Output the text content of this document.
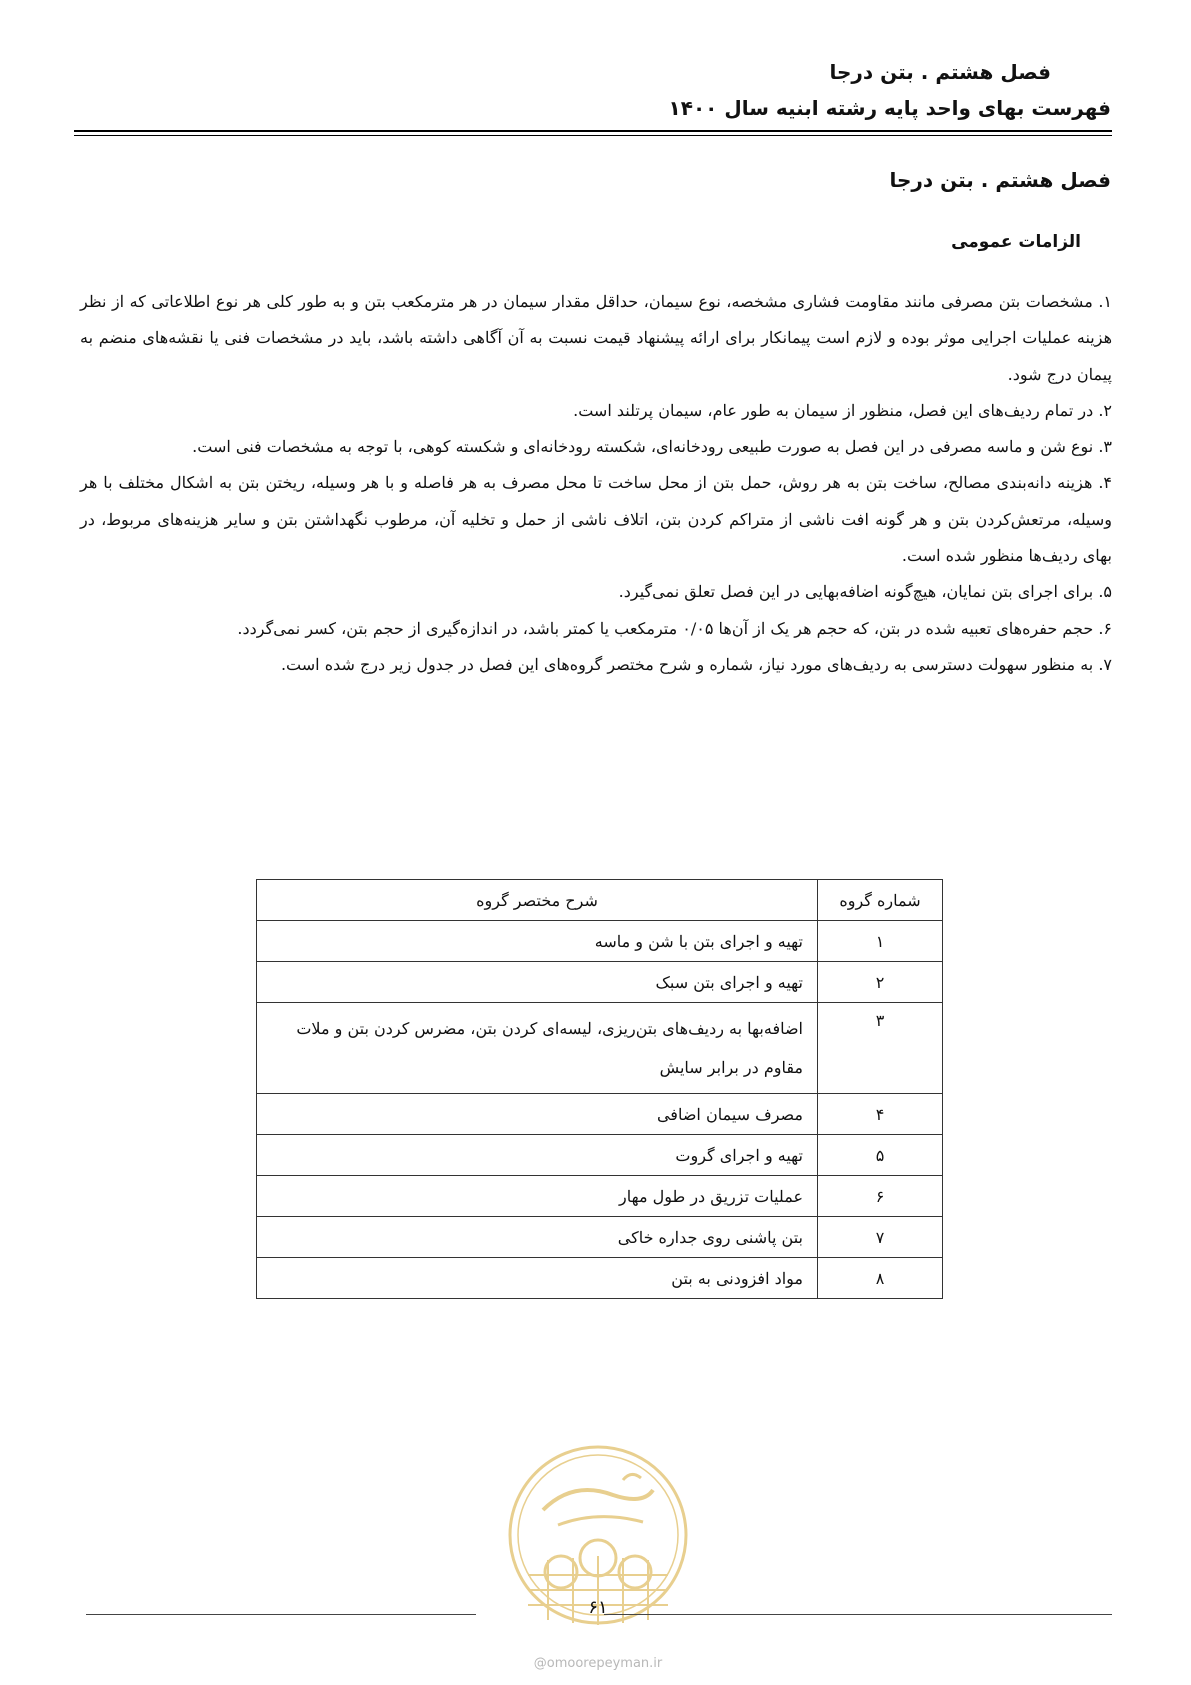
فصل هشتم . بتن درجا
فهرست بهای واحد پایه رشته ابنیه سال ۱۴۰۰
فصل هشتم . بتن درجا
الزامات عمومی

۱. مشخصات بتن مصرفی مانند مقاومت فشاری مشخصه، نوع سیمان، حداقل مقدار سیمان در هر مترمکعب بتن و به طور کلی هر نوع اطلاعاتی که از نظر هزینه عملیات اجرایی موثر بوده و لازم است پیمانکار برای ارائه پیشنهاد قیمت نسبت به آن آگاهی داشته باشد، باید در مشخصات فنی یا نقشه‌های منضم به پیمان درج شود.

۲. در تمام ردیف‌های این فصل، منظور از سیمان به طور عام، سیمان پرتلند است.

۳. نوع شن و ماسه مصرفی در این فصل به صورت طبیعی رودخانه‌ای، شکسته رودخانه‌ای و شکسته کوهی، با توجه به مشخصات فنی است.

۴. هزینه دانه‌بندی مصالح، ساخت بتن به هر روش، حمل بتن از محل ساخت تا محل مصرف به هر فاصله و با هر وسیله، ریختن بتن به اشکال مختلف با هر وسیله، مرتعش‌کردن بتن و هر گونه افت ناشی از متراکم کردن بتن، اتلاف ناشی از حمل و تخلیه آن، مرطوب نگهداشتن بتن و سایر هزینه‌های مربوط، در بهای ردیف‌ها منظور شده است.

۵. برای اجرای بتن نمایان، هیچ‌گونه اضافه‌بهایی در این فصل تعلق نمی‌گیرد.

۶. حجم حفره‌های تعبیه شده در بتن، که حجم هر یک از آن‌ها ۰/۰۵ مترمکعب یا کمتر باشد، در اندازه‌گیری از حجم بتن، کسر نمی‌گردد.

۷. به منظور سهولت دسترسی به ردیف‌های مورد نیاز، شماره و شرح مختصر گروه‌های این فصل در جدول زیر درج شده است.

شماره گروه	شرح مختصر گروه
۱	تهیه و اجرای بتن با شن و ماسه
۲	تهیه و اجرای بتن سبک
۳	اضافه‌بها به ردیف‌های بتن‌ریزی، لیسه‌ای کردن بتن، مضرس کردن بتن و ملات مقاوم در برابر سایش
۴	مصرف سیمان اضافی
۵	تهیه و اجرای گروت
۶	عملیات تزریق در طول مهار
۷	بتن پاشنی روی جداره خاکی
۸	مواد افزودنی به بتن
۶۱
@omoorepeyman.ir
